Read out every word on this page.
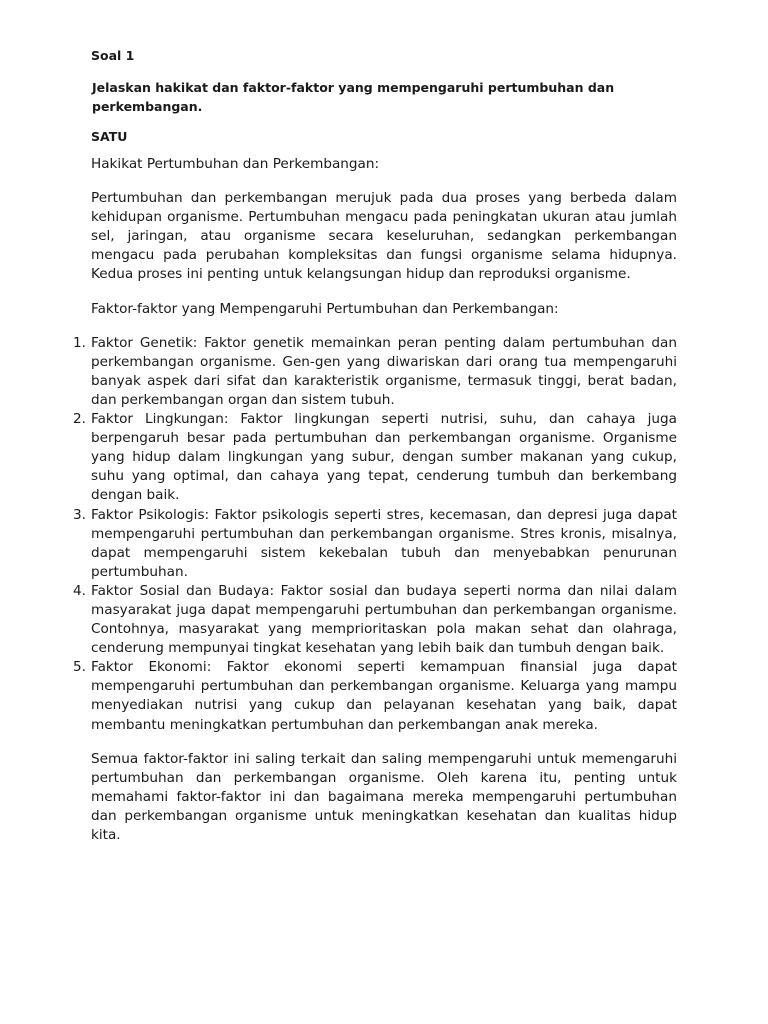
Soal 1

Jelaskan hakikat dan faktor-faktor yang mempengaruhi pertumbuhan dan perkembangan.

SATU

Hakikat Pertumbuhan dan Perkembangan:

Pertumbuhan dan perkembangan merujuk pada dua proses yang berbeda dalam kehidupan organisme. Pertumbuhan mengacu pada peningkatan ukuran atau jumlah sel, jaringan, atau organisme secara keseluruhan, sedangkan perkembangan mengacu pada perubahan kompleksitas dan fungsi organisme selama hidupnya. Kedua proses ini penting untuk kelangsungan hidup dan reproduksi organisme.

Faktor-faktor yang Mempengaruhi Pertumbuhan dan Perkembangan:

1. Faktor Genetik: Faktor genetik memainkan peran penting dalam pertumbuhan dan perkembangan organisme. Gen-gen yang diwariskan dari orang tua mempengaruhi banyak aspek dari sifat dan karakteristik organisme, termasuk tinggi, berat badan, dan perkembangan organ dan sistem tubuh.
2. Faktor Lingkungan: Faktor lingkungan seperti nutrisi, suhu, dan cahaya juga berpengaruh besar pada pertumbuhan dan perkembangan organisme. Organisme yang hidup dalam lingkungan yang subur, dengan sumber makanan yang cukup, suhu yang optimal, dan cahaya yang tepat, cenderung tumbuh dan berkembang dengan baik.
3. Faktor Psikologis: Faktor psikologis seperti stres, kecemasan, dan depresi juga dapat mempengaruhi pertumbuhan dan perkembangan organisme. Stres kronis, misalnya, dapat mempengaruhi sistem kekebalan tubuh dan menyebabkan penurunan pertumbuhan.
4. Faktor Sosial dan Budaya: Faktor sosial dan budaya seperti norma dan nilai dalam masyarakat juga dapat mempengaruhi pertumbuhan dan perkembangan organisme. Contohnya, masyarakat yang memprioritaskan pola makan sehat dan olahraga, cenderung mempunyai tingkat kesehatan yang lebih baik dan tumbuh dengan baik.
5. Faktor Ekonomi: Faktor ekonomi seperti kemampuan finansial juga dapat mempengaruhi pertumbuhan dan perkembangan organisme. Keluarga yang mampu menyediakan nutrisi yang cukup dan pelayanan kesehatan yang baik, dapat membantu meningkatkan pertumbuhan dan perkembangan anak mereka.

Semua faktor-faktor ini saling terkait dan saling mempengaruhi untuk memengaruhi pertumbuhan dan perkembangan organisme. Oleh karena itu, penting untuk memahami faktor-faktor ini dan bagaimana mereka mempengaruhi pertumbuhan dan perkembangan organisme untuk meningkatkan kesehatan dan kualitas hidup kita.
